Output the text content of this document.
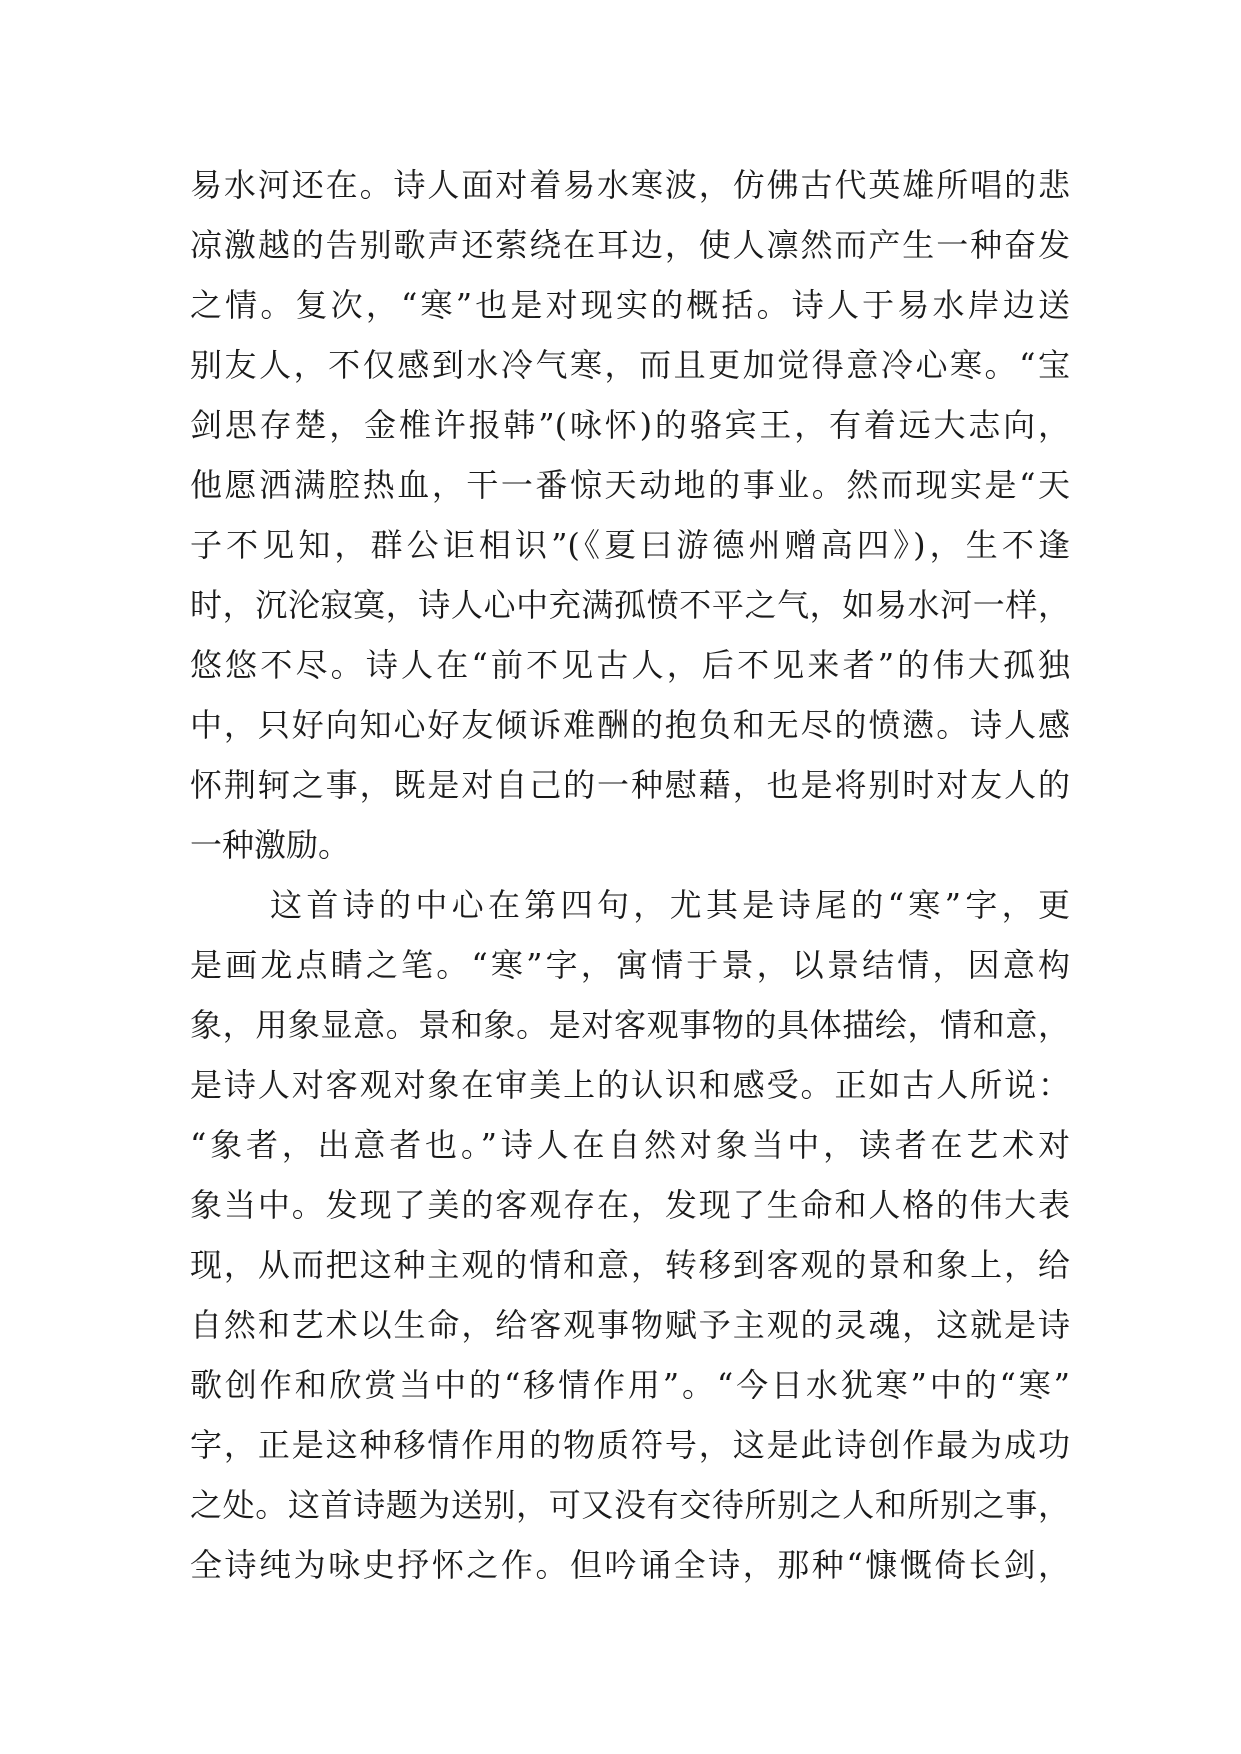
易水河还在。诗人面对着易水寒波，仿佛古代英雄所唱的悲
凉激越的告别歌声还萦绕在耳边，使人凛然而产生一种奋发
之情。复次，“寒”也是对现实的概括。诗人于易水岸边送
别友人，不仅感到水冷气寒，而且更加觉得意冷心寒。“宝
剑思存楚，金椎许报韩”(咏怀)的骆宾王，有着远大志向，
他愿洒满腔热血，干一番惊天动地的事业。然而现实是“天
子不见知，群公讵相识”(《夏曰游德州赠高四》)，生不逢
时，沉沦寂寞，诗人心中充满孤愤不平之气，如易水河一样，
悠悠不尽。诗人在“前不见古人，后不见来者”的伟大孤独
中，只好向知心好友倾诉难酬的抱负和无尽的愤懑。诗人感
怀荆轲之事，既是对自己的一种慰藉，也是将别时对友人的
一种激励。
这首诗的中心在第四句，尤其是诗尾的“寒”字，更
是画龙点睛之笔。“寒”字，寓情于景，以景结情，因意构
象，用象显意。景和象。是对客观事物的具体描绘，情和意，
是诗人对客观对象在审美上的认识和感受。正如古人所说：
“象者，出意者也。”诗人在自然对象当中，读者在艺术对
象当中。发现了美的客观存在，发现了生命和人格的伟大表
现，从而把这种主观的情和意，转移到客观的景和象上，给
自然和艺术以生命，给客观事物赋予主观的灵魂，这就是诗
歌创作和欣赏当中的“移情作用”。“今日水犹寒”中的“寒”
字，正是这种移情作用的物质符号，这是此诗创作最为成功
之处。这首诗题为送别，可又没有交待所别之人和所别之事，
全诗纯为咏史抒怀之作。但吟诵全诗，那种“慷慨倚长剑，
